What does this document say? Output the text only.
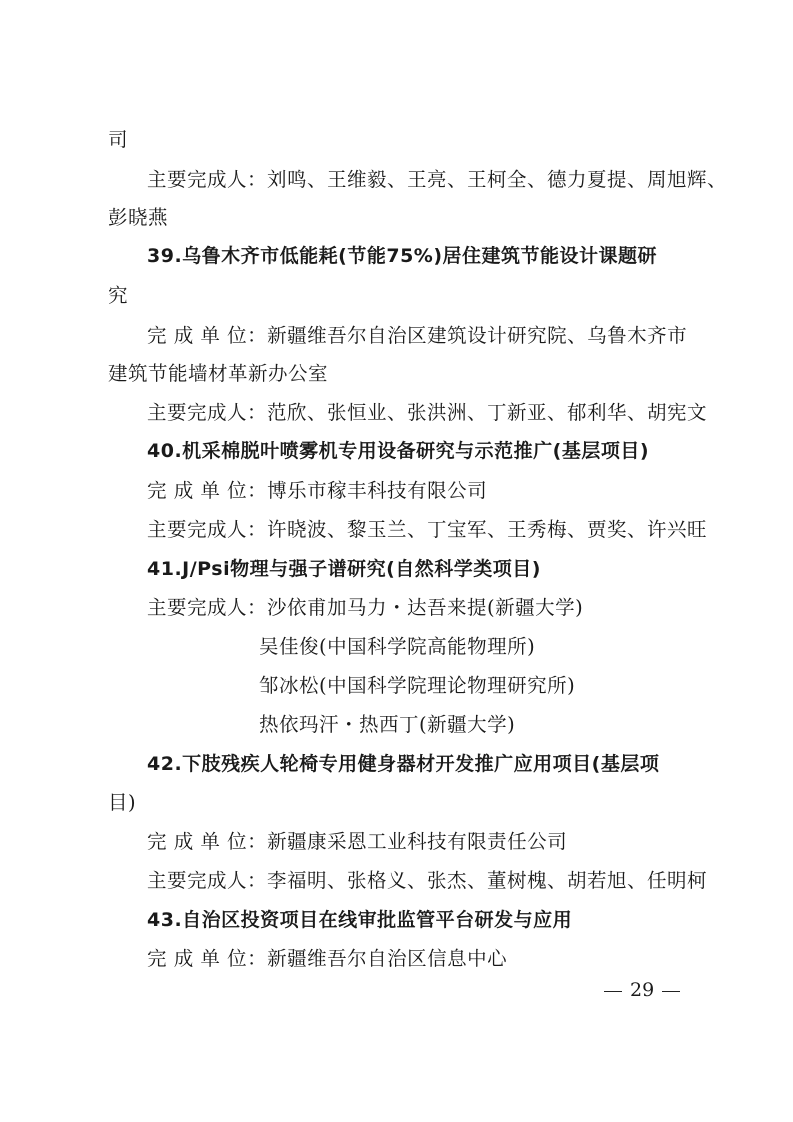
司
主要完成人：刘鸣、王维毅、王亮、王柯全、德力夏提、周旭辉、
彭晓燕
39.乌鲁木齐市低能耗(节能75%)居住建筑节能设计课题研
究
完 成 单 位：新疆维吾尔自治区建筑设计研究院、乌鲁木齐市
建筑节能墙材革新办公室
主要完成人：范欣、张恒业、张洪洲、丁新亚、郁利华、胡宪文
40.机采棉脱叶喷雾机专用设备研究与示范推广(基层项目)
完 成 单 位：博乐市稼丰科技有限公司
主要完成人：许晓波、黎玉兰、丁宝军、王秀梅、贾奖、许兴旺
41.J/Psi物理与强子谱研究(自然科学类项目)
主要完成人：沙依甫加马力・达吾来提(新疆大学)
吴佳俊(中国科学院高能物理所)
邹冰松(中国科学院理论物理研究所)
热依玛汗・热西丁(新疆大学)
42.下肢残疾人轮椅专用健身器材开发推广应用项目(基层项
目)
完 成 单 位：新疆康采恩工业科技有限责任公司
主要完成人：李福明、张格义、张杰、董树槐、胡若旭、任明柯
43.自治区投资项目在线审批监管平台研发与应用
完 成 单 位：新疆维吾尔自治区信息中心
29
